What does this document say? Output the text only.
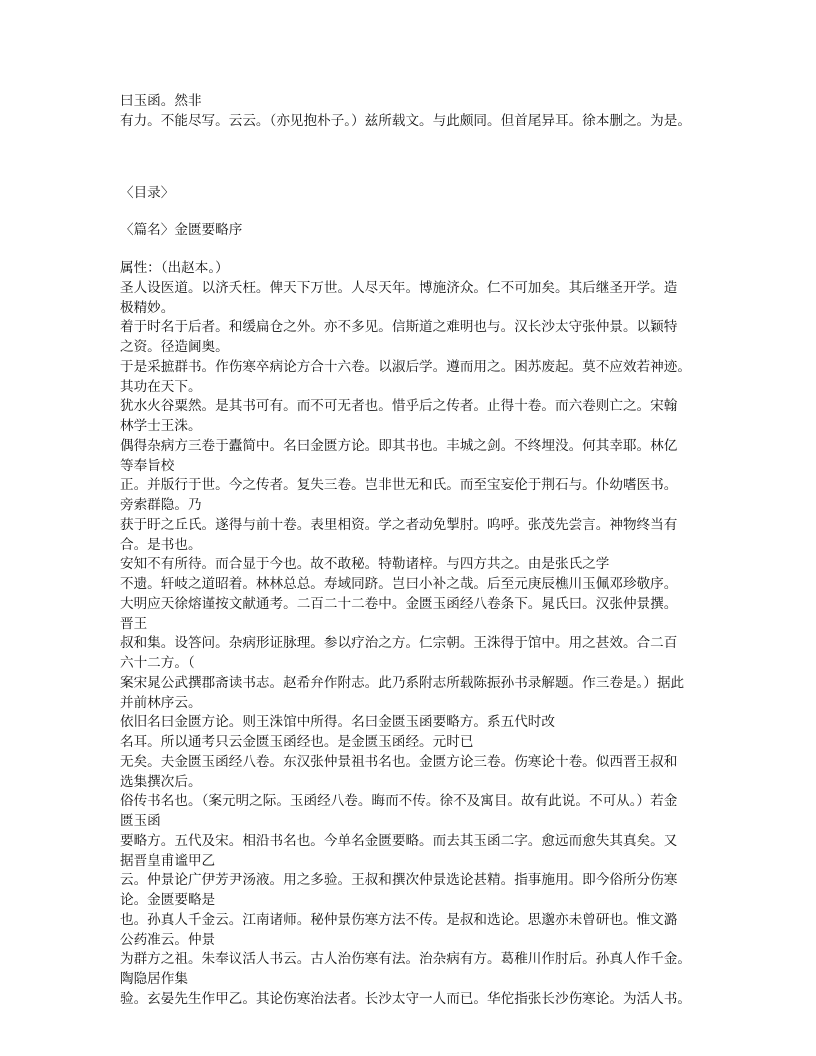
曰玉函。然非
有力。不能尽写。云云。（亦见抱朴子。）兹所载文。与此颇同。但首尾异耳。徐本删之。为是。
〈目录〉
〈篇名〉金匮要略序
属性：（出赵本。）
圣人设医道。以济夭枉。俾天下万世。人尽天年。博施济众。仁不可加矣。其后继圣开学。造
极精妙。
着于时名于后者。和缓扁仓之外。亦不多见。信斯道之难明也与。汉长沙太守张仲景。以颖特
之资。径造阃奥。
于是采摭群书。作伤寒卒病论方合十六卷。以淑后学。遵而用之。困苏废起。莫不应效若神迹。
其功在天下。
犹水火谷粟然。是其书可有。而不可无者也。惜乎后之传者。止得十卷。而六卷则亡之。宋翰
林学士王洙。
偶得杂病方三卷于蠹简中。名曰金匮方论。即其书也。丰城之剑。不终埋没。何其幸耶。林亿
等奉旨校
正。并版行于世。今之传者。复失三卷。岂非世无和氏。而至宝妄伦于荆石与。仆幼嗜医书。
旁索群隐。乃
获于盱之丘氏。遂得与前十卷。表里相资。学之者动免掣肘。呜呼。张茂先尝言。神物终当有
合。是书也。
安知不有所待。而合显于今也。故不敢秘。特勒诸梓。与四方共之。由是张氏之学
不遗。轩岐之道昭着。林林总总。寿域同跻。岂曰小补之哉。后至元庚辰樵川玉佩邓珍敬序。
大明应天徐熔谨按文献通考。二百二十二卷中。金匮玉函经八卷条下。晁氏曰。汉张仲景撰。
晋王
叔和集。设答问。杂病形证脉理。参以疗治之方。仁宗朝。王洙得于馆中。用之甚效。合二百
六十二方。（
案宋晁公武撰郡斋读书志。赵希弁作附志。此乃系附志所载陈振孙书录解题。作三卷是。）据此
并前林序云。
依旧名曰金匮方论。则王洙馆中所得。名曰金匮玉函要略方。系五代时改
名耳。所以通考只云金匮玉函经也。是金匮玉函经。元时已
无矣。夫金匮玉函经八卷。东汉张仲景祖书名也。金匮方论三卷。伤寒论十卷。似西晋王叔和
选集撰次后。
俗传书名也。（案元明之际。玉函经八卷。晦而不传。徐不及寓目。故有此说。不可从。）若金
匮玉函
要略方。五代及宋。相沿书名也。今单名金匮要略。而去其玉函二字。愈远而愈失其真矣。又
据晋皇甫谧甲乙
云。仲景论广伊芳尹汤液。用之多验。王叔和撰次仲景选论甚精。指事施用。即今俗所分伤寒
论。金匮要略是
也。孙真人千金云。江南诸师。秘仲景伤寒方法不传。是叔和选论。思邈亦未曾研也。惟文潞
公药准云。仲景
为群方之祖。朱奉议活人书云。古人治伤寒有法。治杂病有方。葛稚川作肘后。孙真人作千金。
陶隐居作集
验。玄晏先生作甲乙。其论伤寒治法者。长沙太守一人而已。华佗指张长沙伤寒论。为活人书。
